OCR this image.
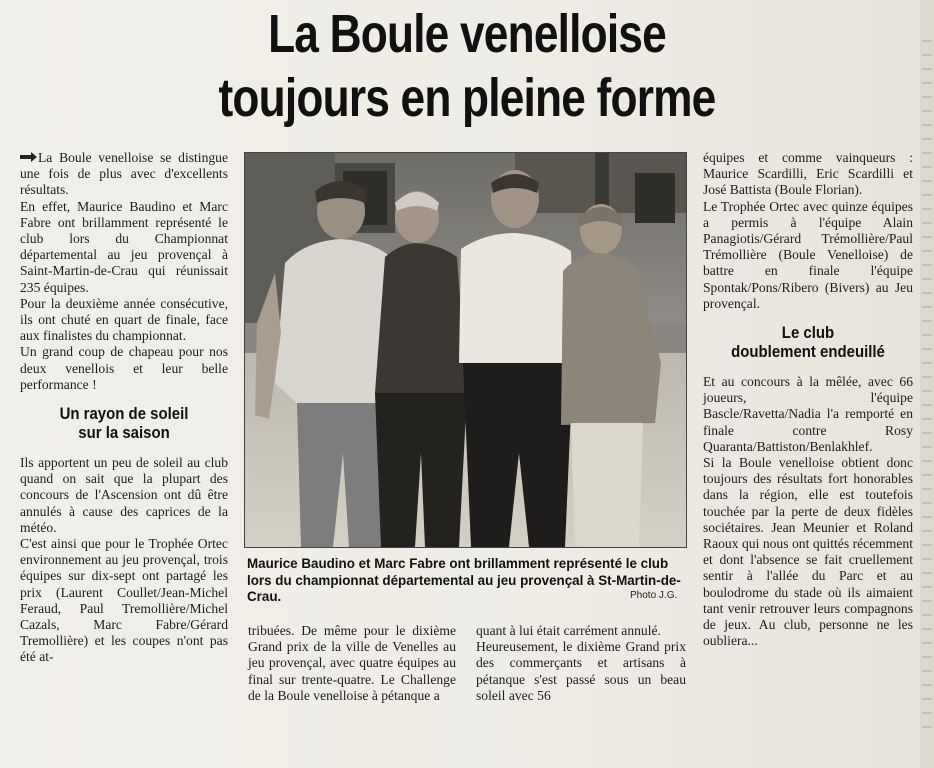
La Boule venelloise
toujours en pleine forme

La Boule venelloise se distingue une fois de plus avec d'excellents résultats.

En effet, Maurice Baudino et Marc Fabre ont brillamment représenté le club lors du Championnat départemental au jeu provençal à Saint-Martin-de-Crau qui réunissait 235 équipes.

Pour la deuxième année consécutive, ils ont chuté en quart de finale, face aux finalistes du championnat.

Un grand coup de chapeau pour nos deux venellois et leur belle performance !

Un rayon de soleil
sur la saison

Ils apportent un peu de soleil au club quand on sait que la plupart des concours de l'Ascension ont dû être annulés à cause des caprices de la météo.

C'est ainsi que pour le Trophée Ortec environnement au jeu provençal, trois équipes sur dix-sept ont partagé les prix (Laurent Coullet/Jean-Michel Feraud, Paul Tremollière/Michel Cazals, Marc Fabre/Gérard Tremollière) et les coupes n'ont pas été at-

Maurice Baudino et Marc Fabre ont brillamment représenté le club lors du championnat départemental au jeu provençal à St-Martin-de-Crau.	Photo J.G.

tribuées. De même pour le dixième Grand prix de la ville de Venelles au jeu provençal, avec quatre équipes au final sur trente-quatre. Le Challenge de la Boule venelloise à pétanque a

quant à lui était carrément annulé.

Heureusement, le dixième Grand prix des commerçants et artisans à pétanque s'est passé sous un beau soleil avec 56

équipes et comme vainqueurs : Maurice Scardilli, Eric Scardilli et José Battista (Boule Florian).

Le Trophée Ortec avec quinze équipes a permis à l'équipe Alain Panagiotis/Gérard Trémollière/Paul Trémollière (Boule Venelloise) de battre en finale l'équipe Spontak/Pons/Ribero (Bivers) au Jeu provençal.

Le club
doublement endeuillé

Et au concours à la mêlée, avec 66 joueurs, l'équipe Bascle/Ravetta/Nadia l'a remporté en finale contre Rosy Quaranta/Battiston/Benlakhlef.

Si la Boule venelloise obtient donc toujours des résultats fort honorables dans la région, elle est toutefois touchée par la perte de deux fidèles sociétaires. Jean Meunier et Roland Raoux qui nous ont quittés récemment et dont l'absence se fait cruellement sentir à l'allée du Parc et au boulodrome du stade où ils aimaient tant venir retrouver leurs compagnons de jeux. Au club, personne ne les oubliera...
